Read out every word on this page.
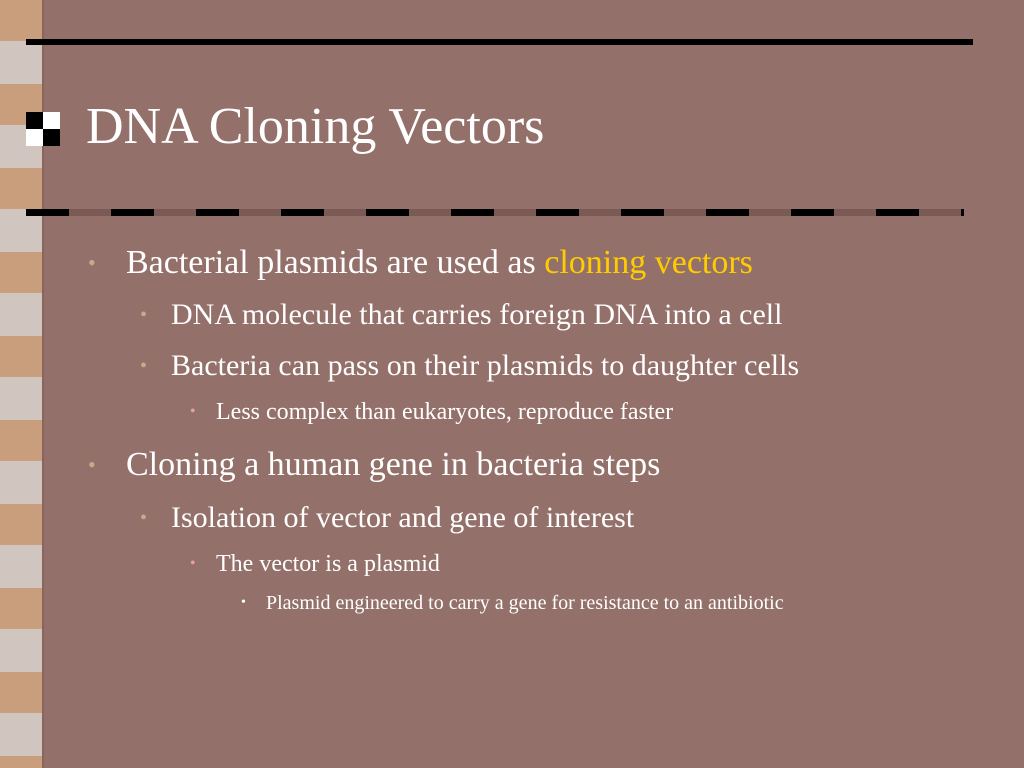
DNA Cloning Vectors
• Bacterial plasmids are used as cloning vectors
• DNA molecule that carries foreign DNA into a cell
• Bacteria can pass on their plasmids to daughter cells
• Less complex than eukaryotes, reproduce faster
• Cloning a human gene in bacteria steps
• Isolation of vector and gene of interest
• The vector is a plasmid
• Plasmid engineered to carry a gene for resistance to an antibiotic
